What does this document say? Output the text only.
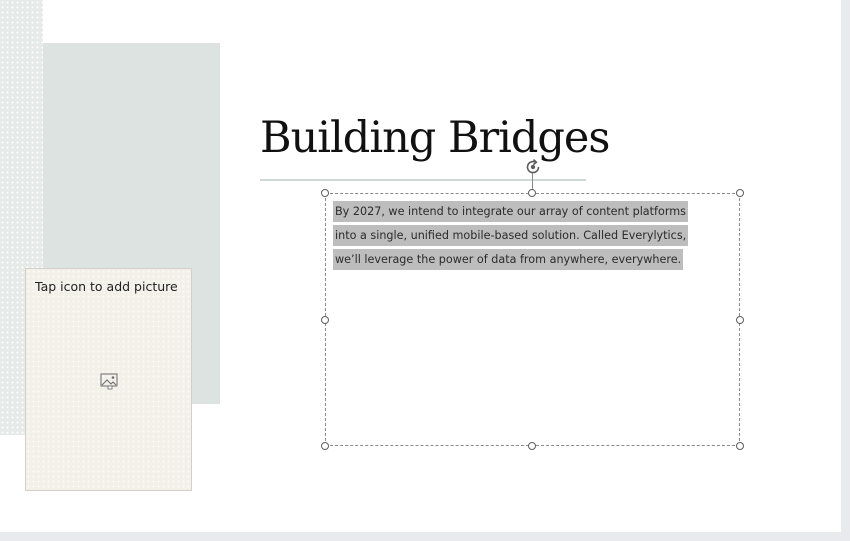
Tap icon to add picture
Building Bridges
By 2027, we intend to integrate our array of content platforms
into a single, unified mobile-based solution. Called Everylytics,
we’ll leverage the power of data from anywhere, everywhere.
